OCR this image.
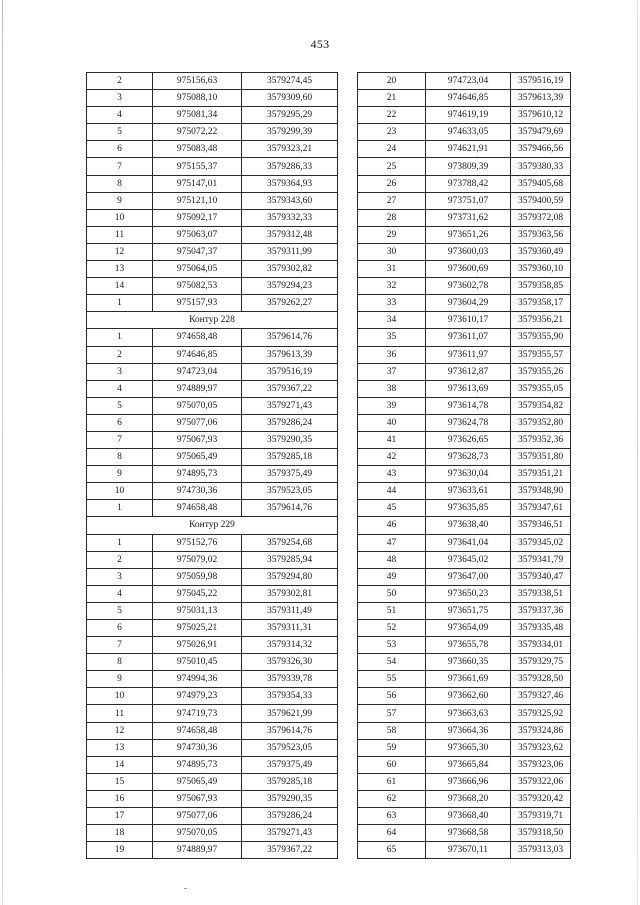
453
2	975156,63	3579274,45
3	975088,10	3579309,60
4	975081,34	3579295,29
5	975072,22	3579299,39
6	975083,48	3579323,21
7	975155,37	3579286,33
8	975147,01	3579364,93
9	975121,10	3579343,60
10	975092,17	3579332,33
11	975063,07	3579312,48
12	975047,37	3579311,99
13	975064,05	3579302,82
14	975082,53	3579294,23
1	975157,93	3579262,27
Контур 228		
1	974658,48	3579614,76
2	974646,85	3579613,39
3	974723,04	3579516,19
4	974889,97	3579367,22
5	975070,05	3579271,43
6	975077,06	3579286,24
7	975067,93	3579290,35
8	975065,49	3579285,18
9	974895,73	3579375,49
10	974730,36	3579523,05
1	974658,48	3579614,76
Контур 229		
1	975152,76	3579254,68
2	975079,02	3579285,94
3	975059,98	3579294,80
4	975045,22	3579302,81
5	975031,13	3579311,49
6	975025,21	3579311,31
7	975026,91	3579314,32
8	975010,45	3579326,30
9	974994,36	3579339,78
10	974979,23	3579354,33
11	974719,73	3579621,99
12	974658,48	3579614,76
13	974730,36	3579523,05
14	974895,73	3579375,49
15	975065,49	3579285,18
16	975067,93	3579290,35
17	975077,06	3579286,24
18	975070,05	3579271,43
19	974889,97	3579367,22
20	974723,04	3579516,19
21	974646,85	3579613,39
22	974619,19	3579610,12
23	974633,05	3579479,69
24	974621,91	3579466,56
25	973809,39	3579380,33
26	973788,42	3579405,68
27	973751,07	3579400,59
28	973731,62	3579372,08
29	973651,26	3579363,56
30	973600,03	3579360,49
31	973600,69	3579360,10
32	973602,78	3579358,85
33	973604,29	3579358,17
34	973610,17	3579356,21
35	973611,07	3579355,90
36	973611,97	3579355,57
37	973612,87	3579355,26
38	973613,69	3579355,05
39	973614,78	3579354,82
40	973624,78	3579352,80
41	973626,65	3579352,36
42	973628,73	3579351,80
43	973630,04	3579351,21
44	973633,61	3579348,90
45	973635,85	3579347,61
46	973638,40	3579346,51
47	973641,04	3579345,02
48	973645,02	3579341,79
49	973647,00	3579340,47
50	973650,23	3579338,51
51	973651,75	3579337,36
52	973654,09	3579335,48
53	973655,78	3579334,01
54	973660,35	3579329,75
55	973661,69	3579328,50
56	973662,60	3579327,46
57	973663,63	3579325,92
58	973664,36	3579324,86
59	973665,30	3579323,62
60	973665,84	3579323,06
61	973666,96	3579322,06
62	973668,20	3579320,42
63	973668,40	3579319,71
64	973668,58	3579318,50
65	973670,11	3579313,03
